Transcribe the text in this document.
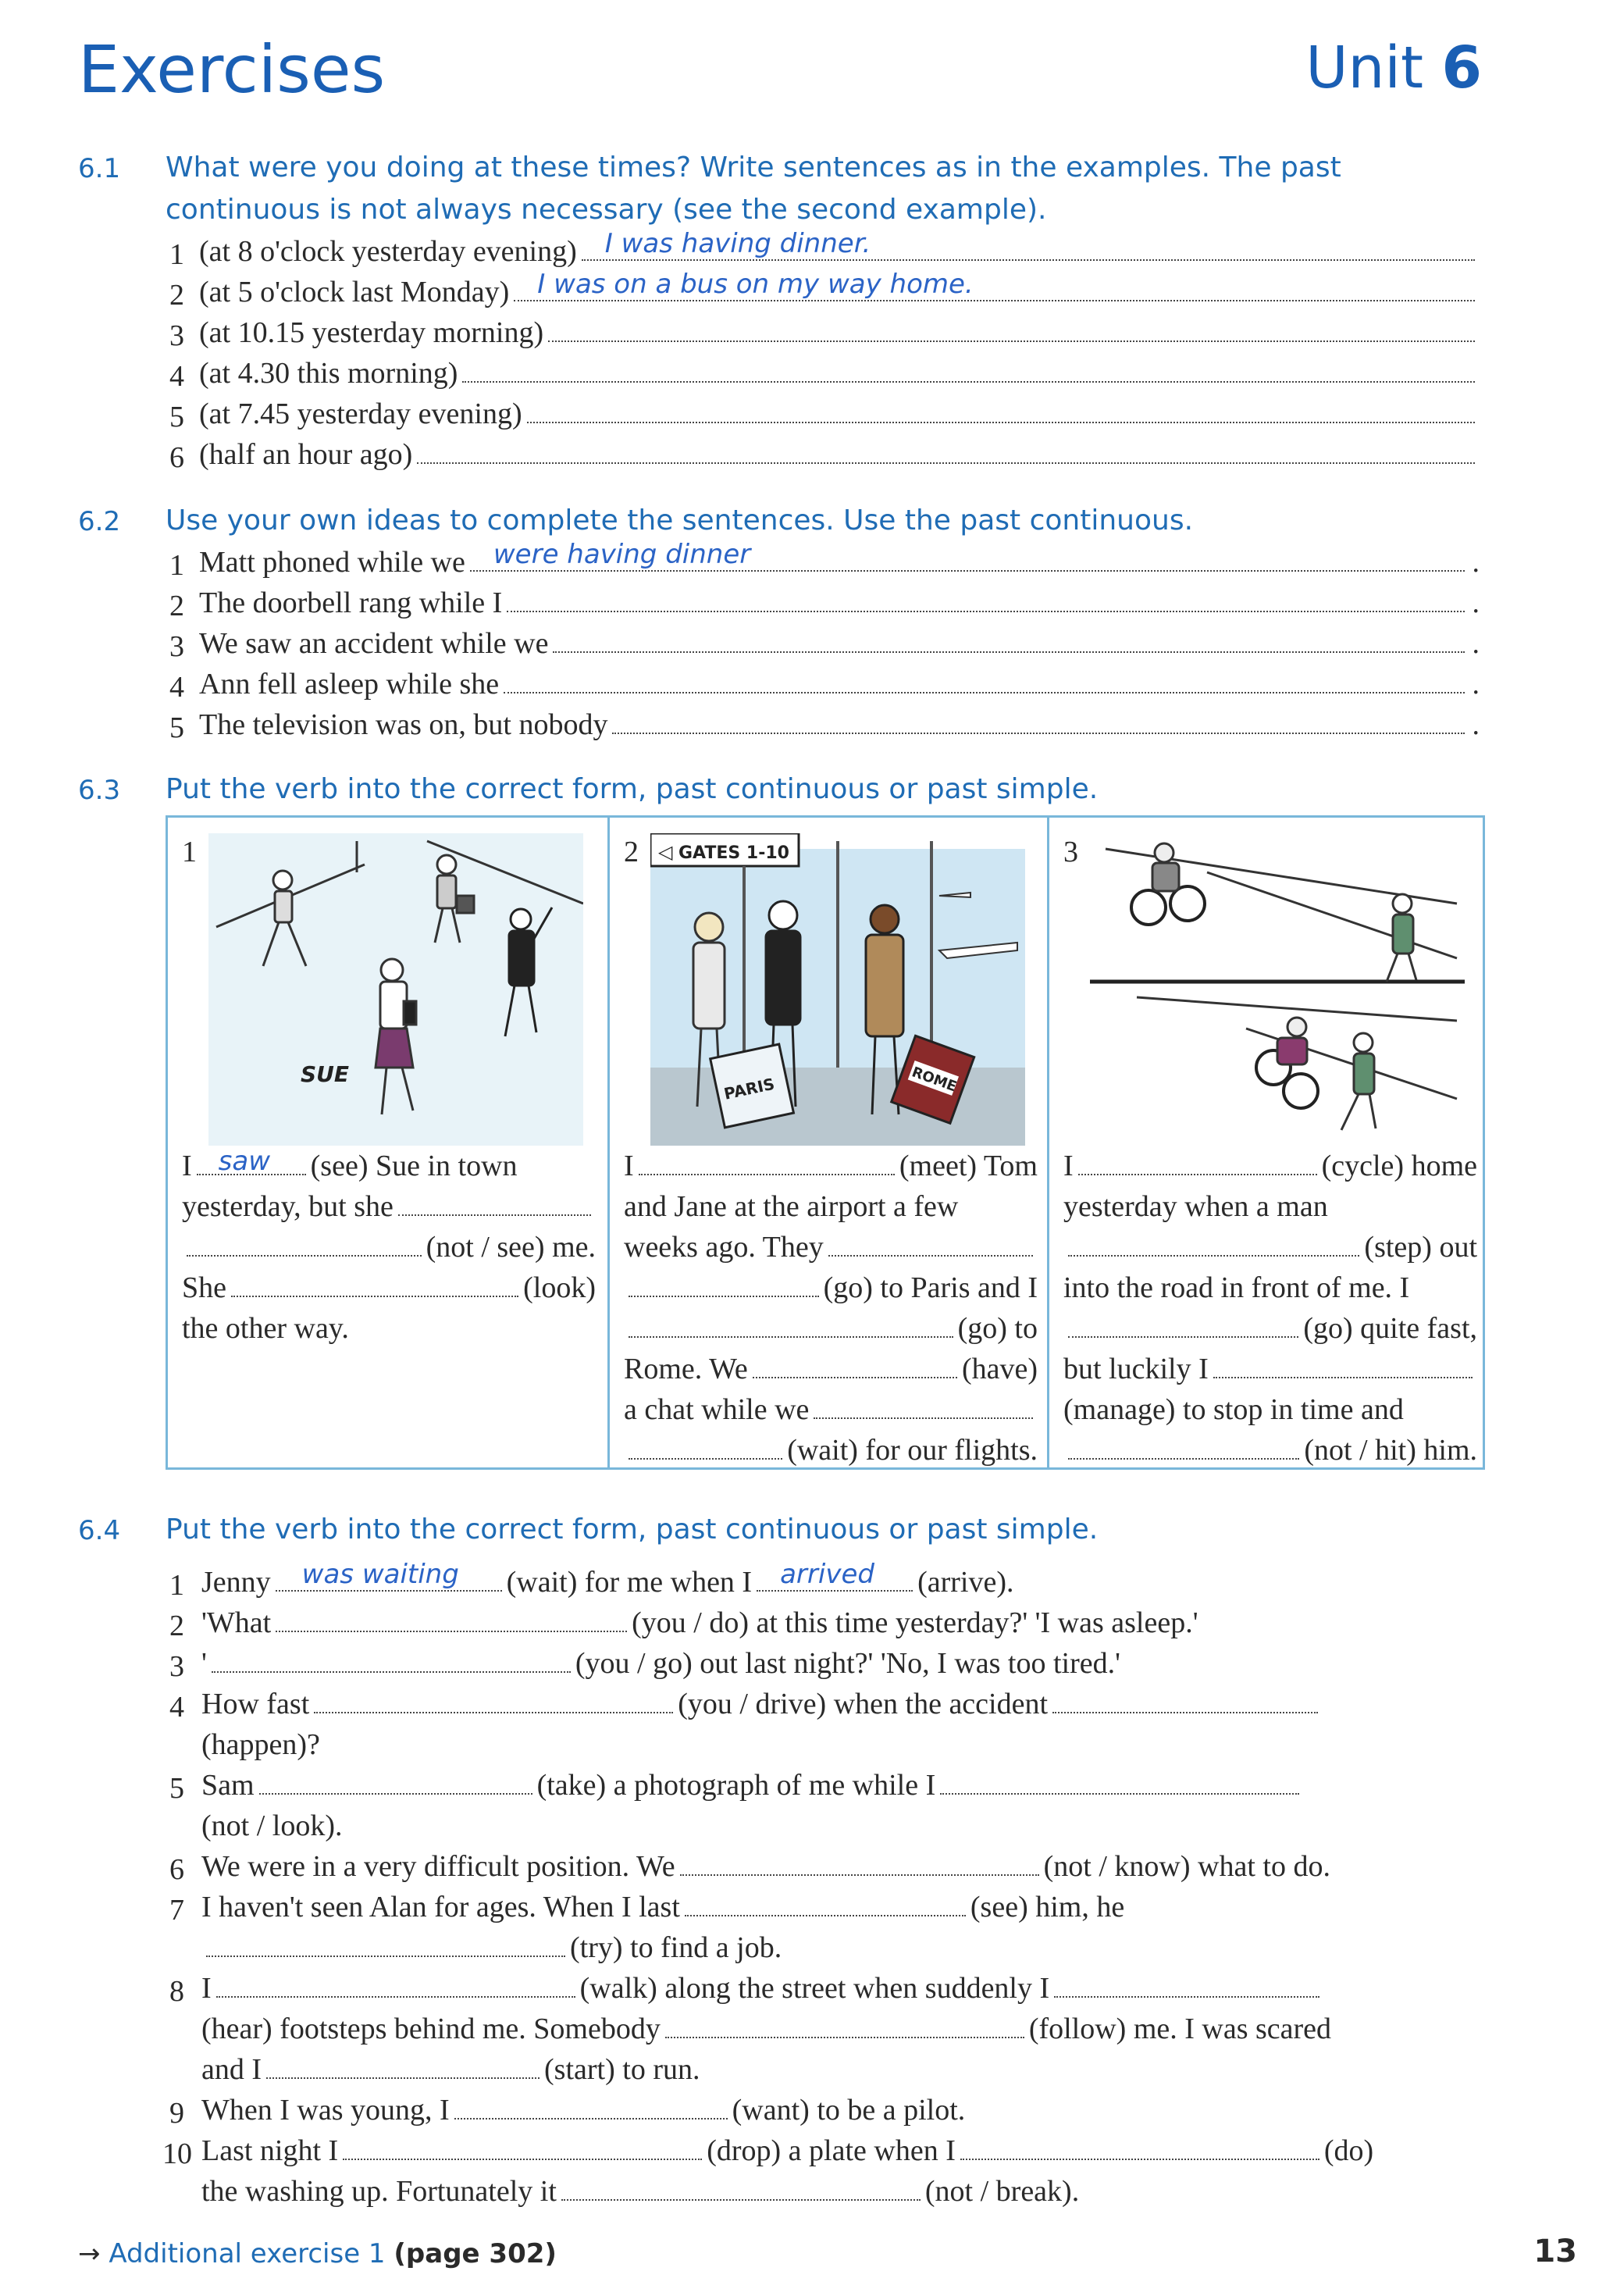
Exercises	Unit 6
6.1 What were you doing at these times? Write sentences as in the examples. The past continuous is not always necessary (see the second example).
1 (at 8 o'clock yesterday evening) I was having dinner.
2 (at 5 o'clock last Monday) I was on a bus on my way home.
3 (at 10.15 yesterday morning)
4 (at 4.30 this morning)
5 (at 7.45 yesterday evening)
6 (half an hour ago)
6.2 Use your own ideas to complete the sentences. Use the past continuous.
1 Matt phoned while we were having dinner	.
2 The doorbell rang while I	.
3 We saw an accident while we	.
4 Ann fell asleep while she	.
5 The television was on, but nobody	.
6.3 Put the verb into the correct form, past continuous or past simple.
1
SUE
I saw (see) Sue in town
yesterday, but she
(not / see) me.
She	(look)
the other way.
2 ◁ GATES 1-10
PARIS	ROME
I	(meet) Tom
and Jane at the airport a few
weeks ago. They
(go) to Paris and I
(go) to
Rome. We	(have)
a chat while we
(wait) for our flights.
3
I	(cycle) home
yesterday when a man
(step) out
into the road in front of me. I
(go) quite fast,
but luckily I
(manage) to stop in time and
(not / hit) him.
6.4 Put the verb into the correct form, past continuous or past simple.
1 Jenny was waiting (wait) for me when I arrived (arrive).
2 'What	(you / do) at this time yesterday?' 'I was asleep.'
3 '	(you / go) out last night?' 'No, I was too tired.'
4 How fast	(you / drive) when the accident
(happen)?
5 Sam	(take) a photograph of me while I
(not / look).
6 We were in a very difficult position. We	(not / know) what to do.
7 I haven't seen Alan for ages. When I last	(see) him, he
(try) to find a job.
8 I	(walk) along the street when suddenly I
(hear) footsteps behind me. Somebody	(follow) me. I was scared
and I	(start) to run.
9 When I was young, I	(want) to be a pilot.
10 Last night I	(drop) a plate when I	(do)
the washing up. Fortunately it	(not / break).
→ Additional exercise 1 (page 302)	13
